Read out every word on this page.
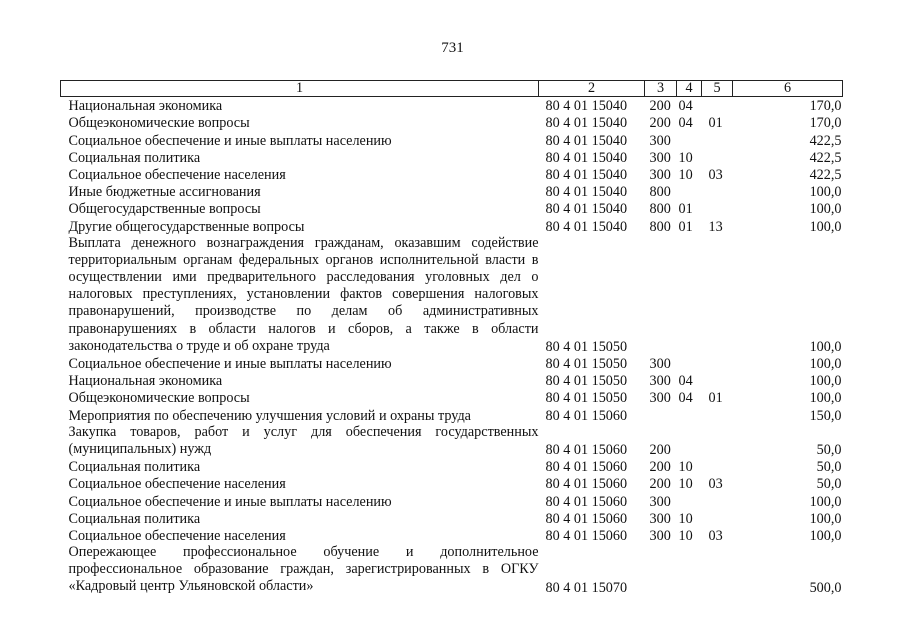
731
1	2	3	4	5	6
Национальная экономика	80 4 01 15040	200	04		170,0
Общеэкономические вопросы	80 4 01 15040	200	04	01	170,0
Социальное обеспечение и иные выплаты населению	80 4 01 15040	300			422,5
Социальная политика	80 4 01 15040	300	10		422,5
Социальное обеспечение населения	80 4 01 15040	300	10	03	422,5
Иные бюджетные ассигнования	80 4 01 15040	800			100,0
Общегосударственные вопросы	80 4 01 15040	800	01		100,0
Другие общегосударственные вопросы	80 4 01 15040	800	01	13	100,0
Выплата денежного вознаграждения гражданам, оказавшим содействие территориальным органам федеральных органов исполнительной власти в осуществлении ими предварительного расследования уголовных дел о налоговых преступлениях, установлении фактов совершения налоговых правонарушений, производстве по делам об административных правонарушениях в области налогов и сборов, а также в области законодательства о труде и об охране труда	80 4 01 15050				100,0
Социальное обеспечение и иные выплаты населению	80 4 01 15050	300			100,0
Национальная экономика	80 4 01 15050	300	04		100,0
Общеэкономические вопросы	80 4 01 15050	300	04	01	100,0
Мероприятия по обеспечению улучшения условий и охраны труда	80 4 01 15060				150,0
Закупка товаров, работ и услуг для обеспечения государственных (муниципальных) нужд	80 4 01 15060	200			50,0
Социальная политика	80 4 01 15060	200	10		50,0
Социальное обеспечение населения	80 4 01 15060	200	10	03	50,0
Социальное обеспечение и иные выплаты населению	80 4 01 15060	300			100,0
Социальная политика	80 4 01 15060	300	10		100,0
Социальное обеспечение населения	80 4 01 15060	300	10	03	100,0
Опережающее профессиональное обучение и дополнительное профессиональное образование граждан, зарегистрированных в ОГКУ «Кадровый центр Ульяновской области»	80 4 01 15070				500,0
